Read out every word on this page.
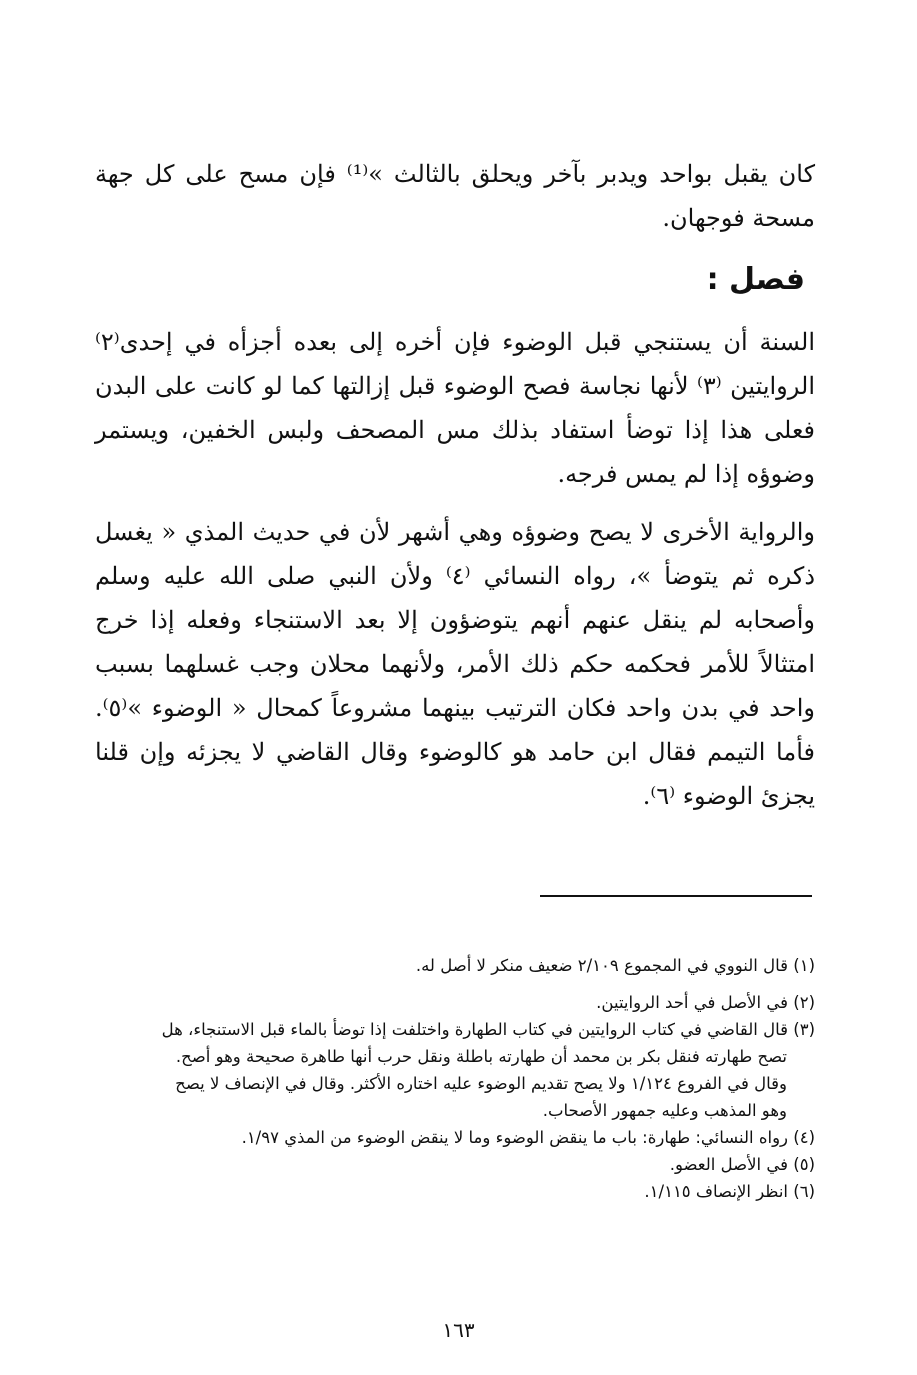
كان يقبل بواحد ويدبر بآخر ويحلق بالثالث »⁽¹⁾ فإن مسح على كل جهة مسحة فوجهان.
فصل :
السنة أن يستنجي قبل الوضوء فإن أخره إلى بعده أجزأه في إحدى⁽٢⁾ الروايتين ⁽٣⁾ لأنها نجاسة فصح الوضوء قبل إزالتها كما لو كانت على البدن فعلى هذا إذا توضأ استفاد بذلك مس المصحف ولبس الخفين، ويستمر وضوؤه إذا لم يمس فرجه.
والرواية الأخرى لا يصح وضوؤه وهي أشهر لأن في حديث المذي « يغسل ذكره ثم يتوضأ »، رواه النسائي ⁽٤⁾ ولأن النبي صلى الله عليه وسلم وأصحابه لم ينقل عنهم أنهم يتوضؤون إلا بعد الاستنجاء وفعله إذا خرج امتثالاً للأمر فحكمه حكم ذلك الأمر، ولأنهما محلان وجب غسلهما بسبب واحد في بدن واحد فكان الترتيب بينهما مشروعاً كمحال « الوضوء »⁽٥⁾. فأما التيمم فقال ابن حامد هو كالوضوء وقال القاضي لا يجزئه وإن قلنا يجزئ الوضوء ⁽٦⁾.
(١) قال النووي في المجموع ٢/١٠٩ ضعيف منكر لا أصل له.
(٢) في الأصل في أحد الروايتين.
(٣) قال القاضي في كتاب الروايتين في كتاب الطهارة واختلفت إذا توضأ بالماء قبل الاستنجاء، هل
تصح طهارته فنقل بكر بن محمد أن طهارته باطلة ونقل حرب أنها طاهرة صحيحة وهو أصح.
وقال في الفروع ١/١٢٤ ولا يصح تقديم الوضوء عليه اختاره الأكثر. وقال في الإنصاف لا يصح
وهو المذهب وعليه جمهور الأصحاب.
(٤) رواه النسائي: طهارة: باب ما ينقض الوضوء وما لا ينقض الوضوء من المذي ١/٩٧.
(٥) في الأصل العضو.
(٦) انظر الإنصاف ١/١١٥.
١٦٣
